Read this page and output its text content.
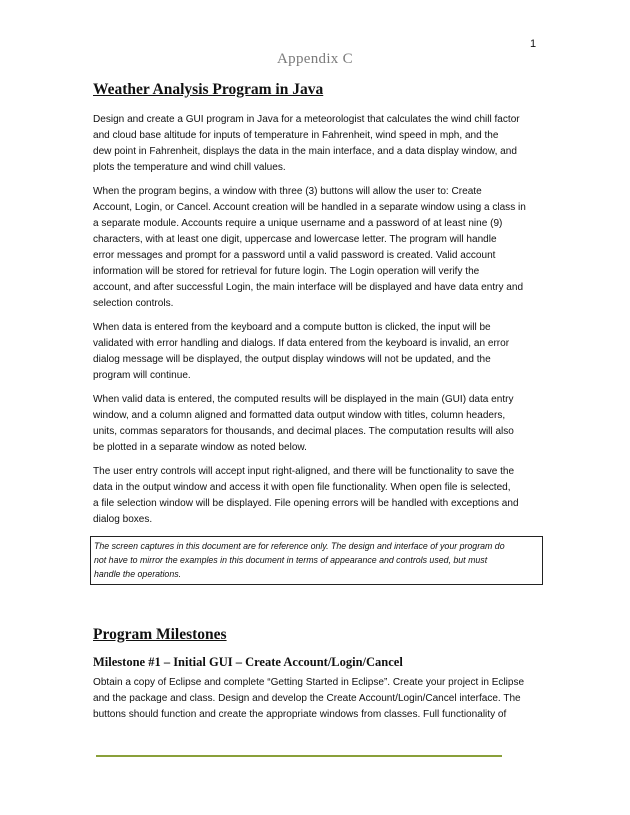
1
Appendix C
Weather Analysis Program in Java

Design and create a GUI program in Java for a meteorologist that calculates the wind chill factor

and cloud base altitude for inputs of temperature in Fahrenheit, wind speed in mph, and the

dew point in Fahrenheit, displays the data in the main interface, and a data display window, and

plots the temperature and wind chill values.

When the program begins, a window with three (3) buttons will allow the user to: Create

Account, Login, or Cancel. Account creation will be handled in a separate window using a class in

a separate module. Accounts require a unique username and a password of at least nine (9)

characters, with at least one digit, uppercase and lowercase letter. The program will handle

error messages and prompt for a password until a valid password is created. Valid account

information will be stored for retrieval for future login. The Login operation will verify the

account, and after successful Login, the main interface will be displayed and have data entry and

selection controls.

When data is entered from the keyboard and a compute button is clicked, the input will be

validated with error handling and dialogs. If data entered from the keyboard is invalid, an error

dialog message will be displayed, the output display windows will not be updated, and the

program will continue.

When valid data is entered, the computed results will be displayed in the main (GUI) data entry

window, and a column aligned and formatted data output window with titles, column headers,

units, commas separators for thousands, and decimal places. The computation results will also

be plotted in a separate window as noted below.

The user entry controls will accept input right-aligned, and there will be functionality to save the

data in the output window and access it with open file functionality. When open file is selected,

a file selection window will be displayed. File opening errors will be handled with exceptions and

dialog boxes.

The screen captures in this document are for reference only. The design and interface of your program do

not have to mirror the examples in this document in terms of appearance and controls used, but must

handle the operations.

Program Milestones
Milestone #1 – Initial GUI – Create Account/Login/Cancel

Obtain a copy of Eclipse and complete “Getting Started in Eclipse”. Create your project in Eclipse

and the package and class. Design and develop the Create Account/Login/Cancel interface. The

buttons should function and create the appropriate windows from classes. Full functionality of
